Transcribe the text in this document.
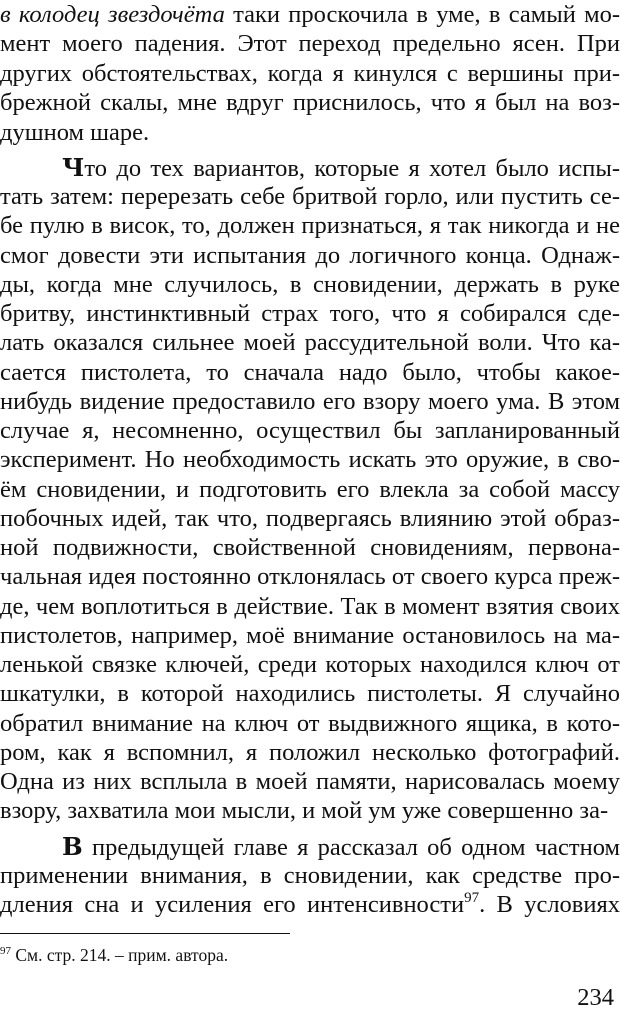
в колодец звездочёта таки проскочила в уме, в самый мо-
мент моего падения. Этот переход предельно ясен. При
других обстоятельствах, когда я кинулся с вершины при-
брежной скалы, мне вдруг приснилось, что я был на воз-
душном шаре.
Что до тех вариантов, которые я хотел было испы-
тать затем: перерезать себе бритвой горло, или пустить се-
бе пулю в висок, то, должен признаться, я так никогда и не
смог довести эти испытания до логичного конца. Однаж-
ды, когда мне случилось, в сновидении, держать в руке
бритву, инстинктивный страх того, что я собирался сде-
лать оказался сильнее моей рассудительной воли. Что ка-
сается пистолета, то сначала надо было, чтобы какое-
нибудь видение предоставило его взору моего ума. В этом
случае я, несомненно, осуществил бы запланированный
эксперимент. Но необходимость искать это оружие, в сво-
ём сновидении, и подготовить его влекла за собой массу
побочных идей, так что, подвергаясь влиянию этой образ-
ной подвижности, свойственной сновидениям, первона-
чальная идея постоянно отклонялась от своего курса преж-
де, чем воплотиться в действие. Так в момент взятия своих
пистолетов, например, моё внимание остановилось на ма-
ленькой связке ключей, среди которых находился ключ от
шкатулки, в которой находились пистолеты. Я случайно
обратил внимание на ключ от выдвижного ящика, в кото-
ром, как я вспомнил, я положил несколько фотографий.
Одна из них всплыла в моей памяти, нарисовалась моему
взору, захватила мои мысли, и мой ум уже совершенно за-
В предыдущей главе я рассказал об одном частном
применении внимания, в сновидении, как средстве про-
дления сна и усиления его интенсивности$^{97}$. В условиях
$^{97}$ См. стр. 214. – прим. автора.
234
